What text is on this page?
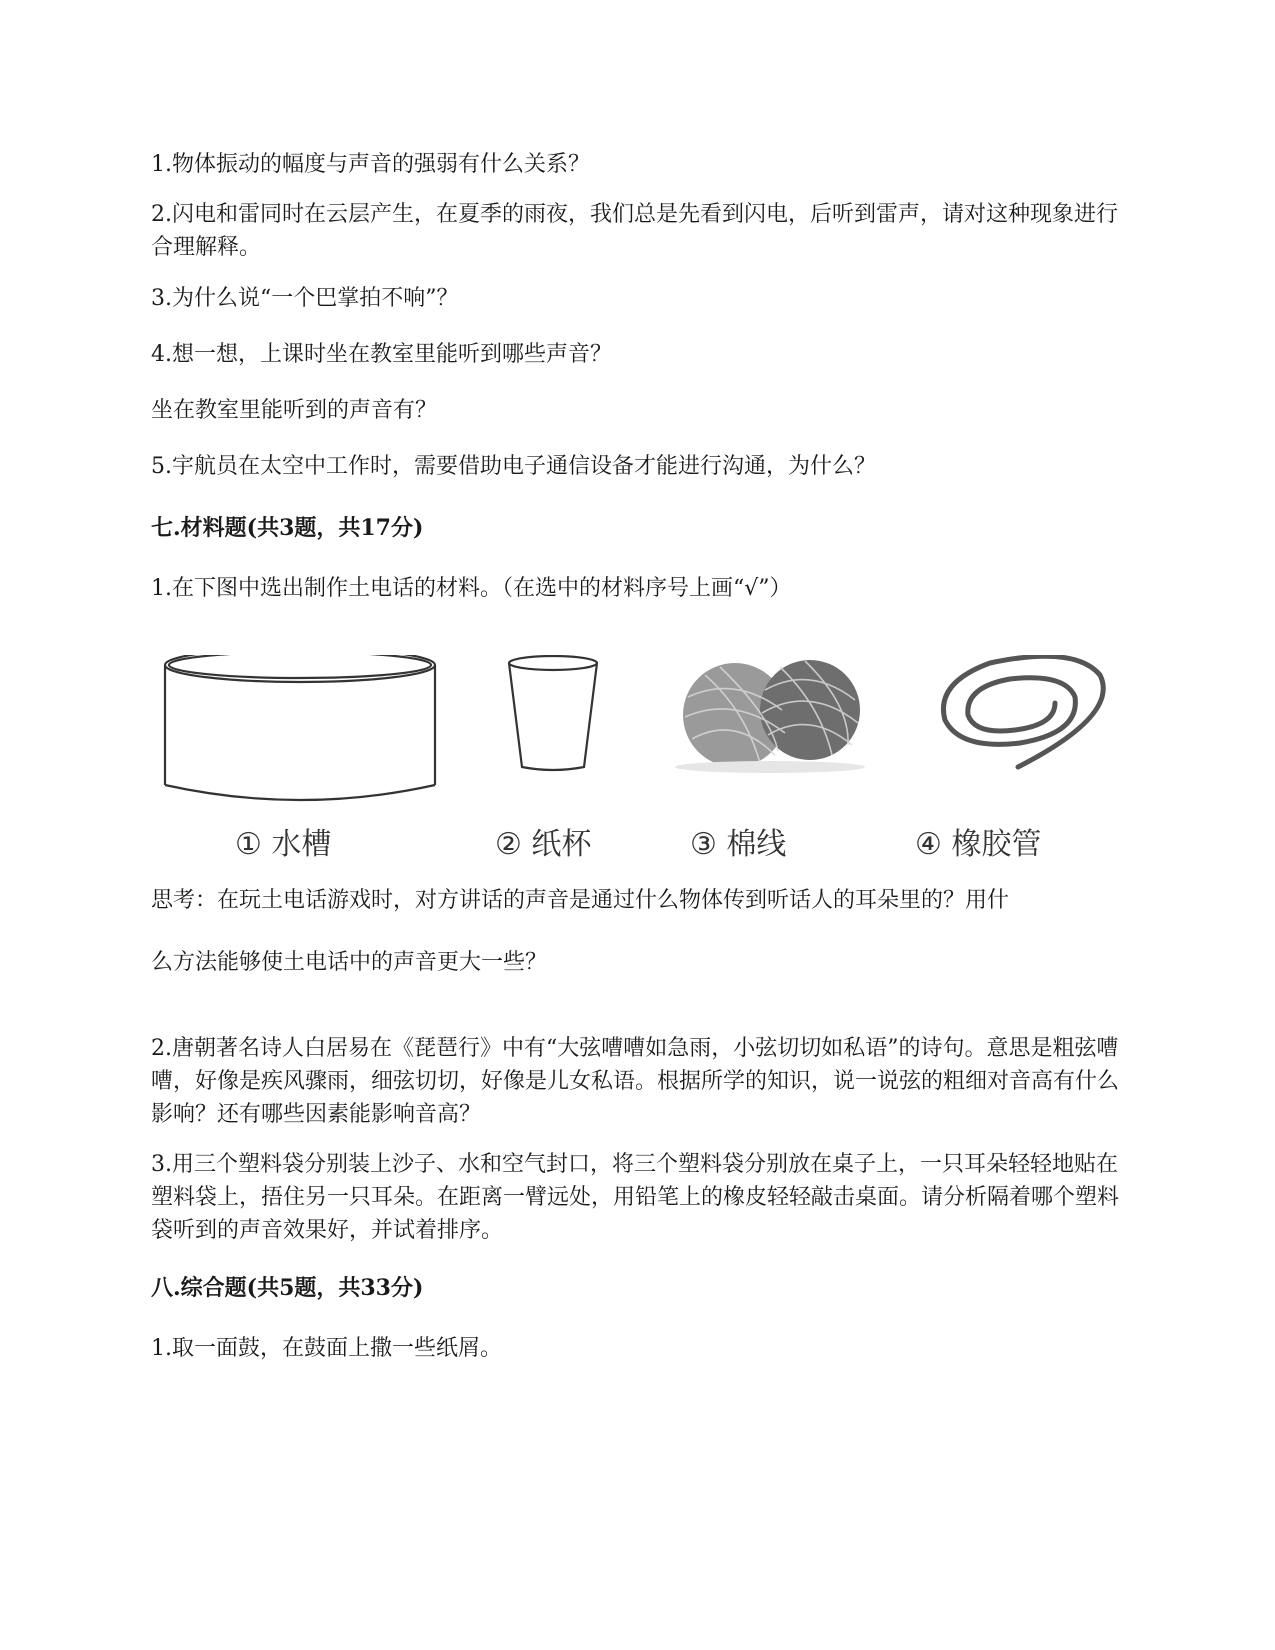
1.物体振动的幅度与声音的强弱有什么关系？

2.闪电和雷同时在云层产生，在夏季的雨夜，我们总是先看到闪电，后听到雷声，请对这种现象进行合理解释。

3.为什么说“一个巴掌拍不响”？

4.想一想，上课时坐在教室里能听到哪些声音？

坐在教室里能听到的声音有？

5.宇航员在太空中工作时，需要借助电子通信设备才能进行沟通，为什么？

七.材料题(共3题，共17分)

1.在下图中选出制作土电话的材料。（在选中的材料序号上画“√”）

① 水槽	② 纸杯	③ 棉线	④ 橡胶管

思考：在玩土电话游戏时，对方讲话的声音是通过什么物体传到听话人的耳朵里的？用什

么方法能够使土电话中的声音更大一些？

2.唐朝著名诗人白居易在《琵琶行》中有“大弦嘈嘈如急雨，小弦切切如私语”的诗句。意思是粗弦嘈嘈，好像是疾风骤雨，细弦切切，好像是儿女私语。根据所学的知识，说一说弦的粗细对音高有什么影响？还有哪些因素能影响音高？

3.用三个塑料袋分别装上沙子、水和空气封口，将三个塑料袋分别放在桌子上，一只耳朵轻轻地贴在塑料袋上，捂住另一只耳朵。在距离一臂远处，用铅笔上的橡皮轻轻敲击桌面。请分析隔着哪个塑料袋听到的声音效果好，并试着排序。

八.综合题(共5题，共33分)

1.取一面鼓，在鼓面上撒一些纸屑。
